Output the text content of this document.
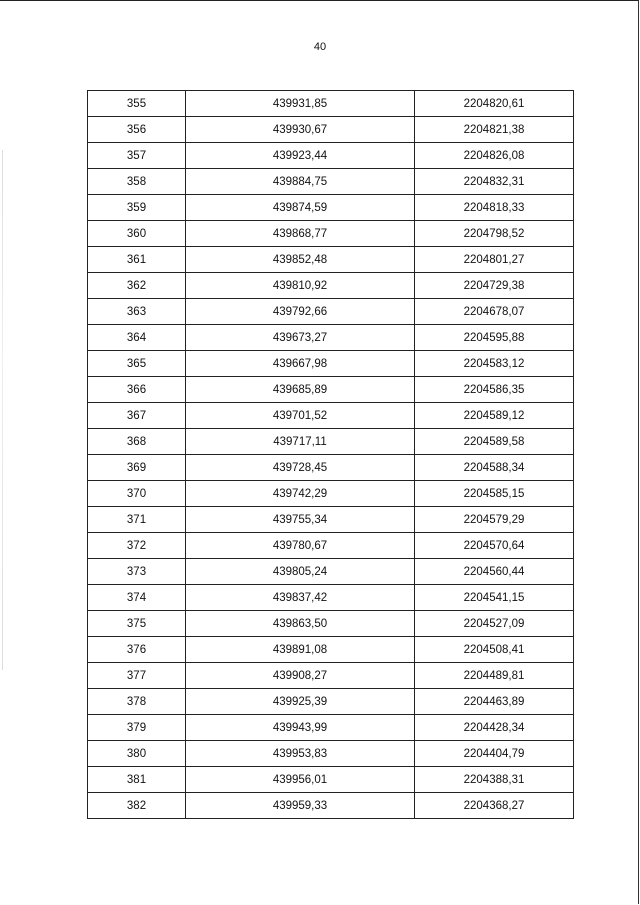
40
355	439931,85	2204820,61
356	439930,67	2204821,38
357	439923,44	2204826,08
358	439884,75	2204832,31
359	439874,59	2204818,33
360	439868,77	2204798,52
361	439852,48	2204801,27
362	439810,92	2204729,38
363	439792,66	2204678,07
364	439673,27	2204595,88
365	439667,98	2204583,12
366	439685,89	2204586,35
367	439701,52	2204589,12
368	439717,11	2204589,58
369	439728,45	2204588,34
370	439742,29	2204585,15
371	439755,34	2204579,29
372	439780,67	2204570,64
373	439805,24	2204560,44
374	439837,42	2204541,15
375	439863,50	2204527,09
376	439891,08	2204508,41
377	439908,27	2204489,81
378	439925,39	2204463,89
379	439943,99	2204428,34
380	439953,83	2204404,79
381	439956,01	2204388,31
382	439959,33	2204368,27
